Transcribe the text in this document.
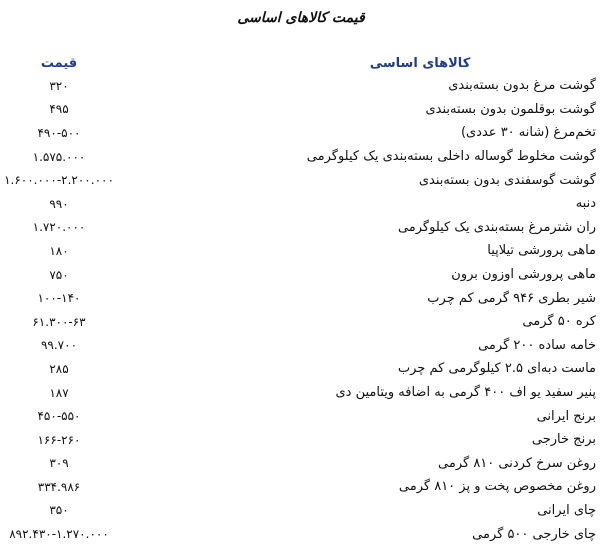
قیمت کالاهای اساسی
قیمت	کالاهای اساسی
۳۲۰	گوشت مرغ بدون بسته‌بندی
۴۹۵	گوشت بوقلمون بدون بسته‌بندی
۴۹۰-۵۰۰	تخم‌مرغ (شانه ۳۰ عددی)
۱.۵۷۵.۰۰۰	گوشت مخلوط گوساله داخلی بسته‌بندی یک کیلوگرمی
۱.۶۰۰.۰۰۰-۲.۲۰۰.۰۰۰	گوشت گوسفندی بدون بسته‌بندی
۹۹۰	دنبه
۱.۷۲۰.۰۰۰	ران شترمرغ بسته‌بندی یک کیلوگرمی
۱۸۰	ماهی پرورشی تیلاپیا
۷۵۰	ماهی پرورشی اوزون برون
۱۰۰-۱۴۰	شیر بطری ۹۴۶ گرمی کم چرب
۶۱.۳۰۰-۶۳	کره ۵۰ گرمی
۹۹.۷۰۰	خامه ساده ۲۰۰ گرمی
۲۸۵	ماست دبه‌ای ۲.۵ کیلوگرمی کم چرب
۱۸۷	پنیر سفید یو اف ۴۰۰ گرمی به اضافه ویتامین دی
۴۵۰-۵۵۰	برنج ایرانی
۱۶۶-۲۶۰	برنج خارجی
۳۰۹	روغن سرخ کردنی ۸۱۰ گرمی
۳۳۴.۹۸۶	روغن مخصوص پخت و پز ۸۱۰ گرمی
۳۵۰	چای ایرانی
۸۹۲.۴۳۰-۱.۲۷۰.۰۰۰	چای خارجی ۵۰۰ گرمی
